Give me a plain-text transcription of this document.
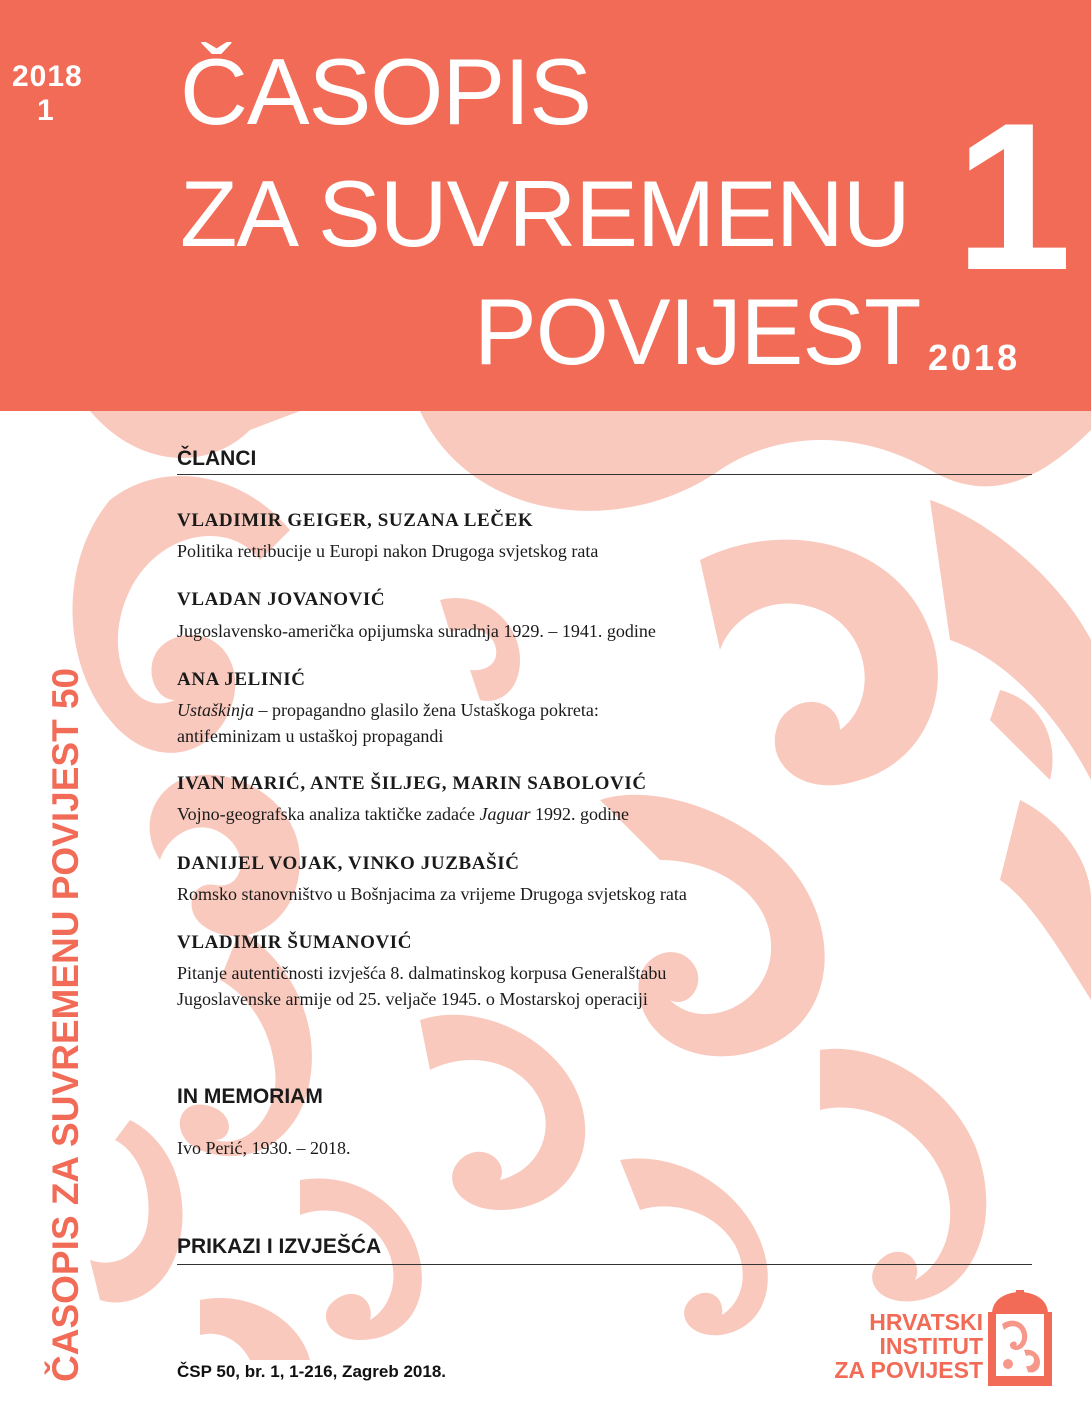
2018
1 ČASOPIS
ZA SUVREMENU
POVIJEST
1
2018
ČASOPIS ZA SUVREMENU POVIJEST 50
ČLANCI
VLADIMIR GEIGER, SUZANA LEČEK
Politika retribucije u Europi nakon Drugoga svjetskog rata
VLADAN JOVANOVIĆ
Jugoslavensko-američka opijumska suradnja 1929. – 1941. godine
ANA JELINIĆ
Ustaškinja – propagandno glasilo žena Ustaškoga pokreta:
antifeminizam u ustaškoj propagandi
IVAN MARIĆ, ANTE ŠILJEG, MARIN SABOLOVIĆ
Vojno-geografska analiza taktičke zadaće Jaguar 1992. godine
DANIJEL VOJAK, VINKO JUZBAŠIĆ
Romsko stanovništvo u Bošnjacima za vrijeme Drugoga svjetskog rata
VLADIMIR ŠUMANOVIĆ
Pitanje autentičnosti izvješća 8. dalmatinskog korpusa Generalštabu
Jugoslavenske armije od 25. veljače 1945. o Mostarskoj operaciji
IN MEMORIAM
Ivo Perić, 1930. – 2018.
PRIKAZI I IZVJEŠĆA
ČSP 50, br. 1, 1-216, Zagreb 2018.
HRVATSKI
INSTITUT
ZA POVIJEST
